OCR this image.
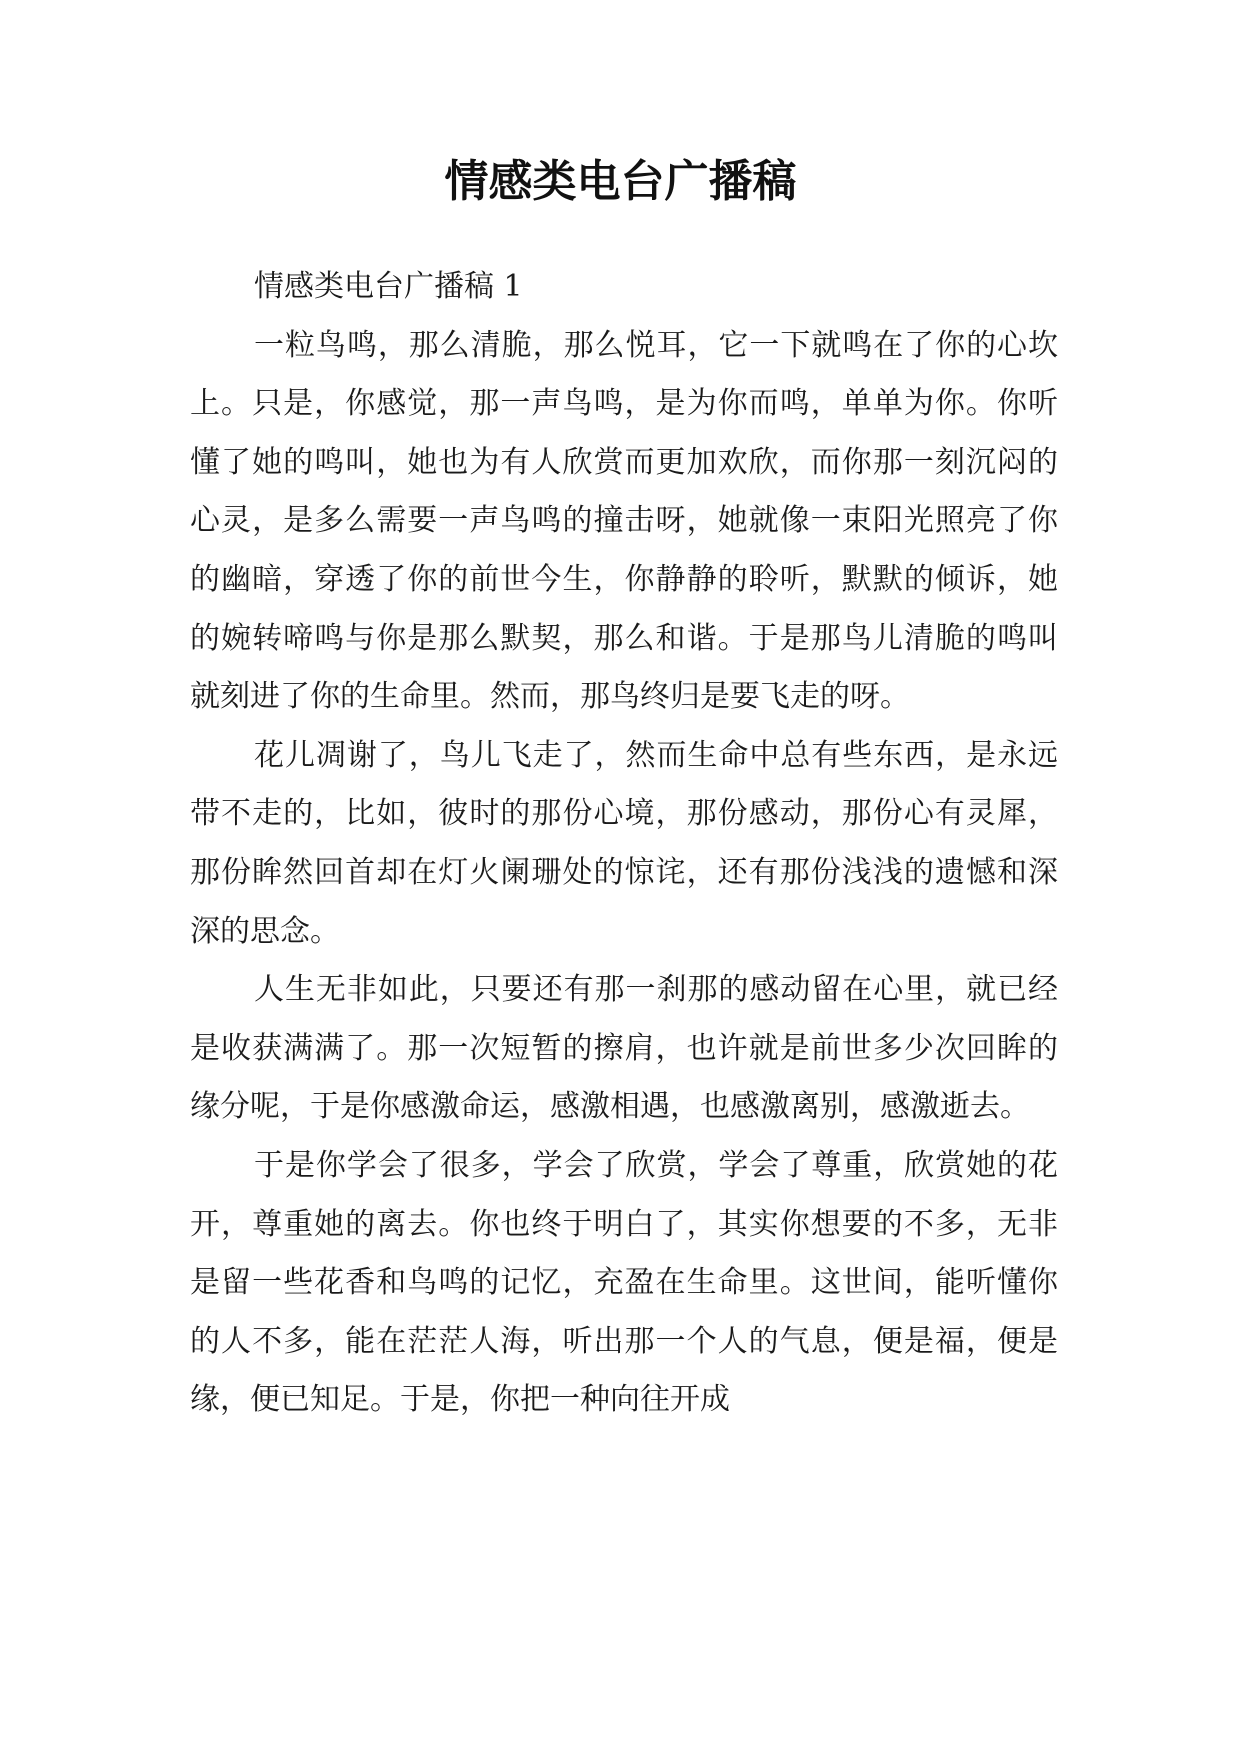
情感类电台广播稿

情感类电台广播稿 1

一粒鸟鸣，那么清脆，那么悦耳，它一下就鸣在了你的心坎上。只是，你感觉，那一声鸟鸣，是为你而鸣，单单为你。你听懂了她的鸣叫，她也为有人欣赏而更加欢欣，而你那一刻沉闷的心灵，是多么需要一声鸟鸣的撞击呀，她就像一束阳光照亮了你的幽暗，穿透了你的前世今生，你静静的聆听，默默的倾诉，她的婉转啼鸣与你是那么默契，那么和谐。于是那鸟儿清脆的鸣叫就刻进了你的生命里。然而，那鸟终归是要飞走的呀。

花儿凋谢了，鸟儿飞走了，然而生命中总有些东西，是永远带不走的，比如，彼时的那份心境，那份感动，那份心有灵犀，那份眸然回首却在灯火阑珊处的惊诧，还有那份浅浅的遗憾和深深的思念。

人生无非如此，只要还有那一刹那的感动留在心里，就已经是收获满满了。那一次短暂的擦肩，也许就是前世多少次回眸的缘分呢，于是你感激命运，感激相遇，也感激离别，感激逝去。

于是你学会了很多，学会了欣赏，学会了尊重，欣赏她的花开，尊重她的离去。你也终于明白了，其实你想要的不多，无非是留一些花香和鸟鸣的记忆，充盈在生命里。这世间，能听懂你的人不多，能在茫茫人海，听出那一个人的气息，便是福，便是缘，便已知足。于是，你把一种向往开成
